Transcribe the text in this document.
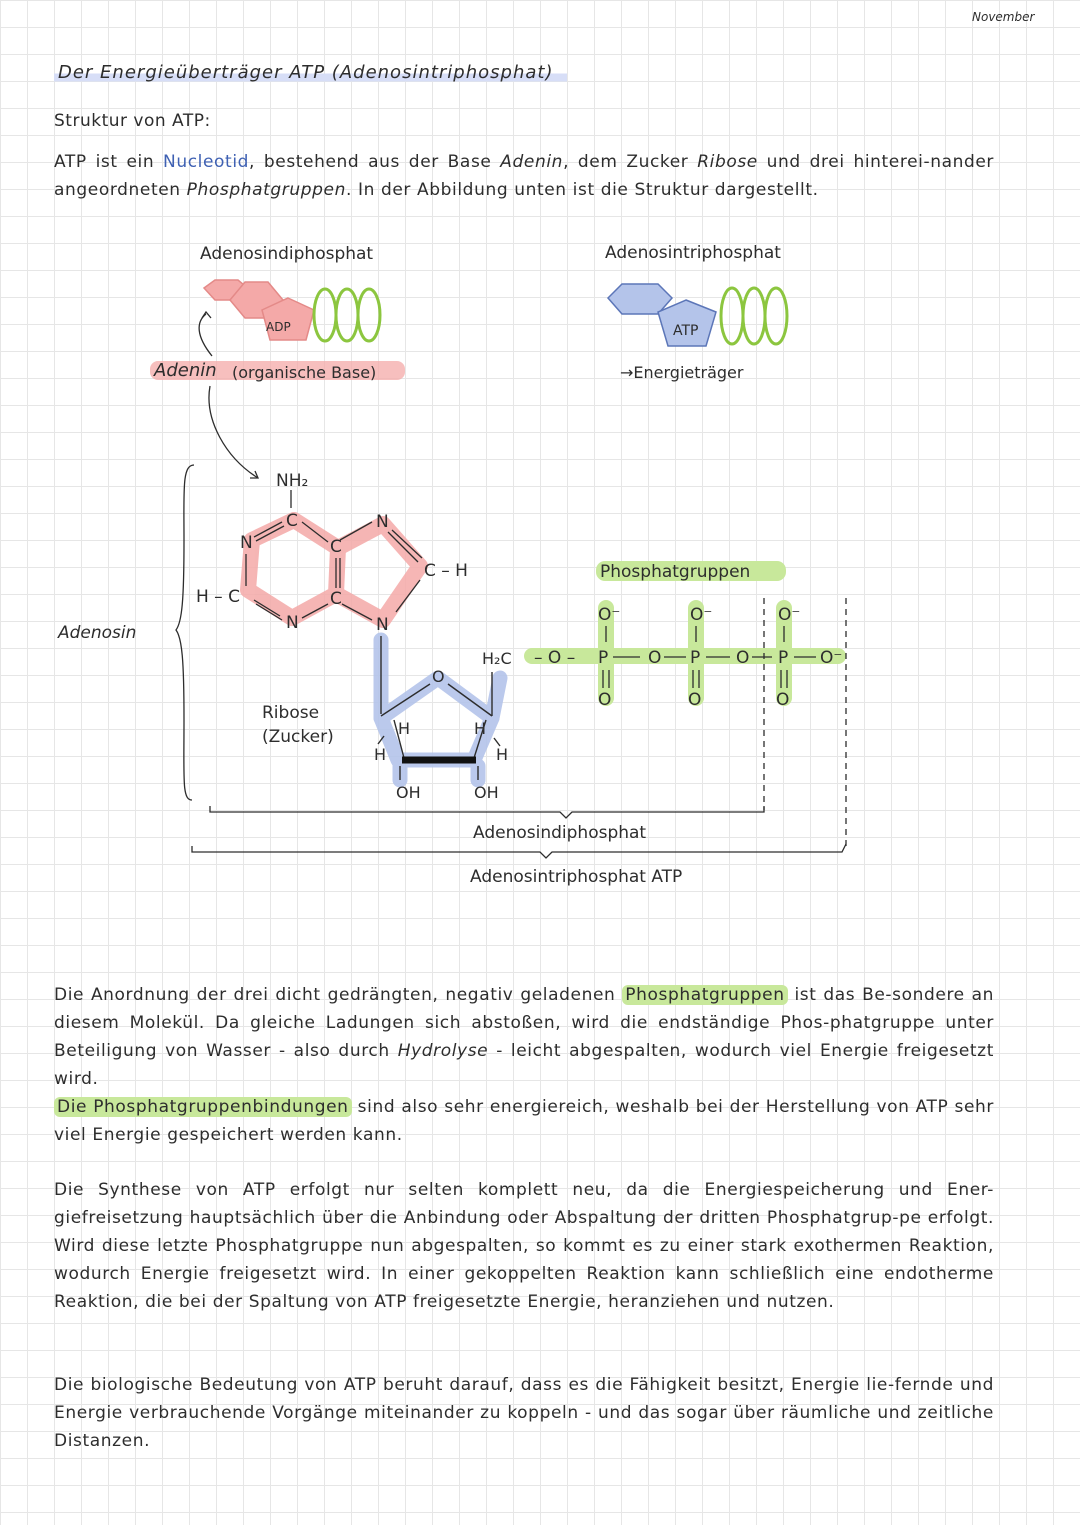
November
Der Energieüberträger ATP (Adenosintriphosphat)
Struktur von ATP:

ATP ist ein Nucleotid, bestehend aus der Base Adenin, dem Zucker Ribose und drei hinterei-nander angeordneten Phosphatgruppen. In der Abbildung unten ist die Struktur dargestellt.

Adenosindiphosphat
ADP
Adenosintriphosphat
ATP
→Energieträger
Adenin (organische Base)
Adenosin
Phosphatgruppen
NH₂
C
N	C
N
H – C	C
N
C – H
N
Ribose
(Zucker)
O
H
H
H
H
OH	OH
H₂C – O – P O P O P O⁻
O⁻	O⁻	O⁻
O	O	O
Adenosindiphosphat
Adenosintriphosphat ATP

Die Anordnung der drei dicht gedrängten, negativ geladenen Phosphatgruppen ist das Be-sondere an diesem Molekül. Da gleiche Ladungen sich abstoßen, wird die endständige Phos-phatgruppe unter Beteiligung von Wasser - also durch Hydrolyse - leicht abgespalten, wodurch viel Energie freigesetzt wird.
Die Phosphatgruppenbindungen sind also sehr energiereich, weshalb bei der Herstellung von ATP sehr viel Energie gespeichert werden kann.

Die Synthese von ATP erfolgt nur selten komplett neu, da die Energiespeicherung und Ener-giefreisetzung hauptsächlich über die Anbindung oder Abspaltung der dritten Phosphatgrup-pe erfolgt. Wird diese letzte Phosphatgruppe nun abgespalten, so kommt es zu einer stark exothermen Reaktion, wodurch Energie freigesetzt wird. In einer gekoppelten Reaktion kann schließlich eine endotherme Reaktion, die bei der Spaltung von ATP freigesetzte Energie, heranziehen und nutzen.

Die biologische Bedeutung von ATP beruht darauf, dass es die Fähigkeit besitzt, Energie lie-fernde und Energie verbrauchende Vorgänge miteinander zu koppeln - und das sogar über räumliche und zeitliche Distanzen.
